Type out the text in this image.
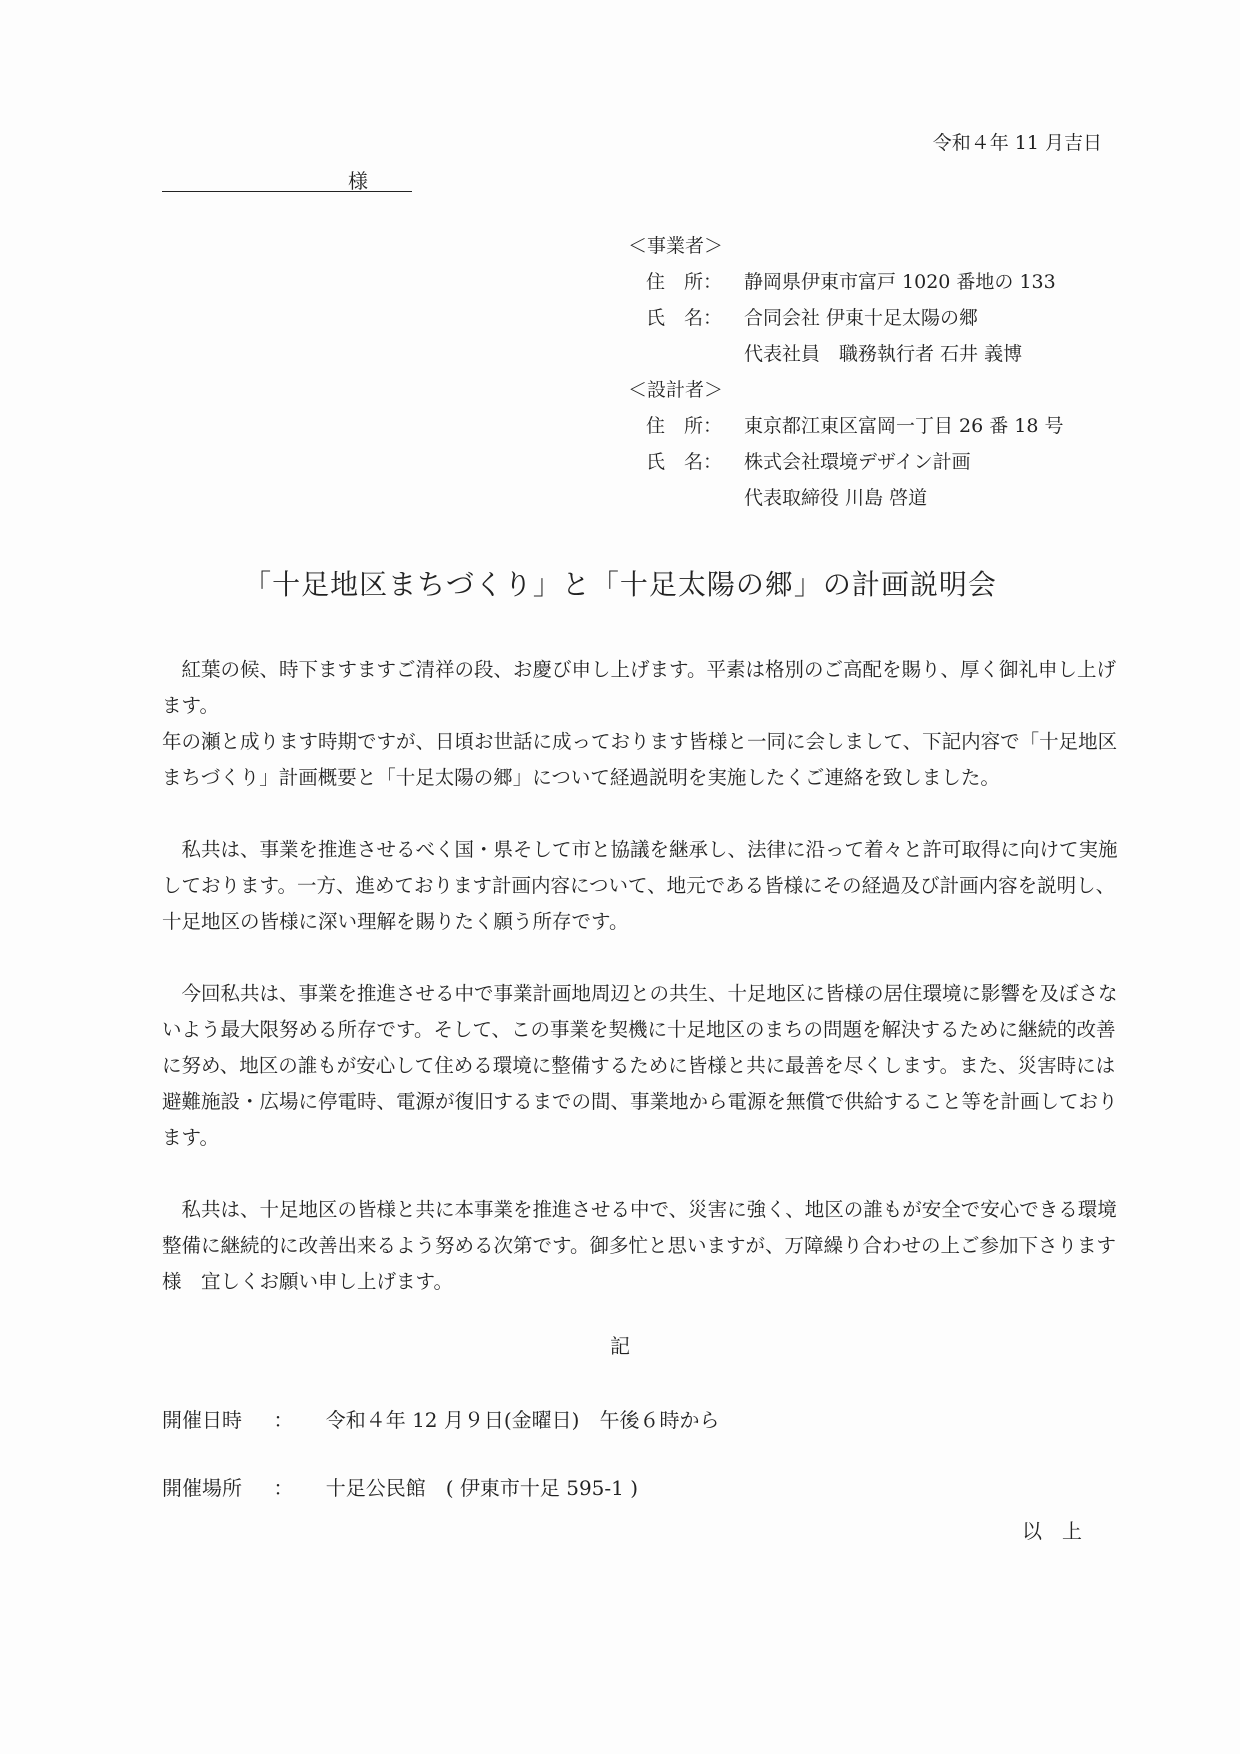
令和４年 11 月吉日
様
＜事業者＞
住　所：	静岡県伊東市富戸 1020 番地の 133
氏　名：	合同会社 伊東十足太陽の郷
代表社員　職務執行者 石井 義博
＜設計者＞
住　所：	東京都江東区富岡一丁目 26 番 18 号
氏　名：	株式会社環境デザイン計画
代表取締役 川島 啓道
「十足地区まちづくり」と「十足太陽の郷」の計画説明会

　紅葉の候、時下ますますご清祥の段、お慶び申し上げます。平素は格別のご高配を賜り、厚く御礼申し上げます。

年の瀬と成ります時期ですが、日頃お世話に成っております皆様と一同に会しまして、下記内容で「十足地区まちづくり」計画概要と「十足太陽の郷」について経過説明を実施したくご連絡を致しました。

　私共は、事業を推進させるべく国・県そして市と協議を継承し、法律に沿って着々と許可取得に向けて実施しております。一方、進めております計画内容について、地元である皆様にその経過及び計画内容を説明し、十足地区の皆様に深い理解を賜りたく願う所存です。

　今回私共は、事業を推進させる中で事業計画地周辺との共生、十足地区に皆様の居住環境に影響を及ぼさないよう最大限努める所存です。そして、この事業を契機に十足地区のまちの問題を解決するために継続的改善に努め、地区の誰もが安心して住める環境に整備するために皆様と共に最善を尽くします。また、災害時には避難施設・広場に停電時、電源が復旧するまでの間、事業地から電源を無償で供給すること等を計画しております。

　私共は、十足地区の皆様と共に本事業を推進させる中で、災害に強く、地区の誰もが安全で安心できる環境整備に継続的に改善出来るよう努める次第です。御多忙と思いますが、万障繰り合わせの上ご参加下さります様　宜しくお願い申し上げます。

記
開催日時 ： 令和４年 12 月９日(金曜日)　午後６時から
開催場所 ： 十足公民館　( 伊東市十足 595-1 )
以上
